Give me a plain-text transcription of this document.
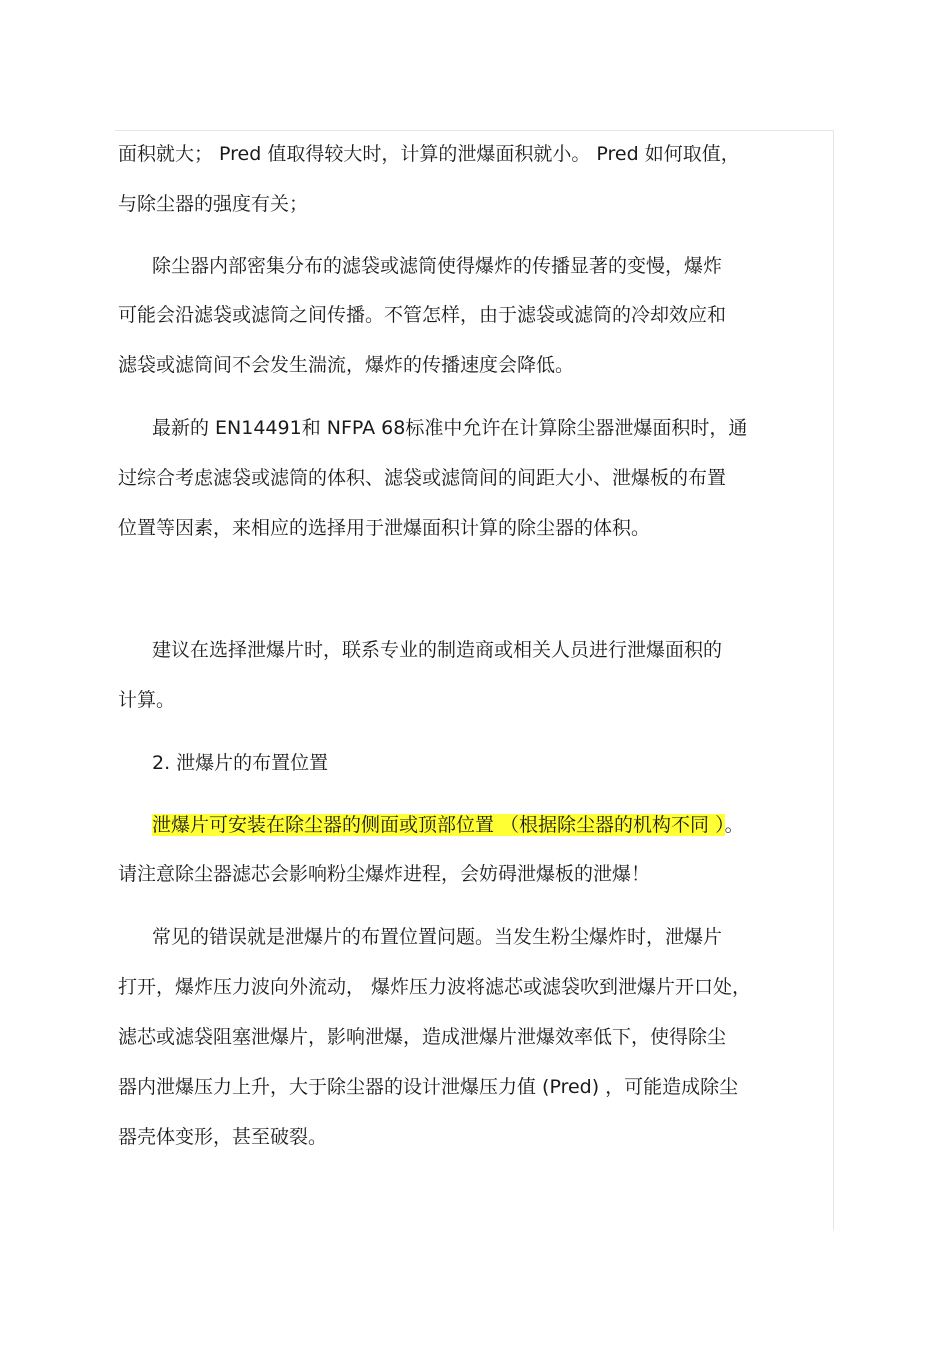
面积就大； Pred 值取得较大时，计算的泄爆面积就小。 Pred 如何取值，

与除尘器的强度有关；

除尘器内部密集分布的滤袋或滤筒使得爆炸的传播显著的变慢，爆炸

可能会沿滤袋或滤筒之间传播。不管怎样，由于滤袋或滤筒的冷却效应和

滤袋或滤筒间不会发生湍流，爆炸的传播速度会降低。

最新的 EN14491和 NFPA 68标准中允许在计算除尘器泄爆面积时，通

过综合考虑滤袋或滤筒的体积、滤袋或滤筒间的间距大小、泄爆板的布置

位置等因素，来相应的选择用于泄爆面积计算的除尘器的体积。

建议在选择泄爆片时，联系专业的制造商或相关人员进行泄爆面积的

计算。

2. 泄爆片的布置位置

泄爆片可安装在除尘器的侧面或顶部位置 （根据除尘器的机构不同 ）。

请注意除尘器滤芯会影响粉尘爆炸进程，会妨碍泄爆板的泄爆！

常见的错误就是泄爆片的布置位置问题。当发生粉尘爆炸时，泄爆片

打开，爆炸压力波向外流动， 爆炸压力波将滤芯或滤袋吹到泄爆片开口处，

滤芯或滤袋阻塞泄爆片，影响泄爆，造成泄爆片泄爆效率低下，使得除尘

器内泄爆压力上升，大于除尘器的设计泄爆压力值 (Pred) ，可能造成除尘

器壳体变形，甚至破裂。
